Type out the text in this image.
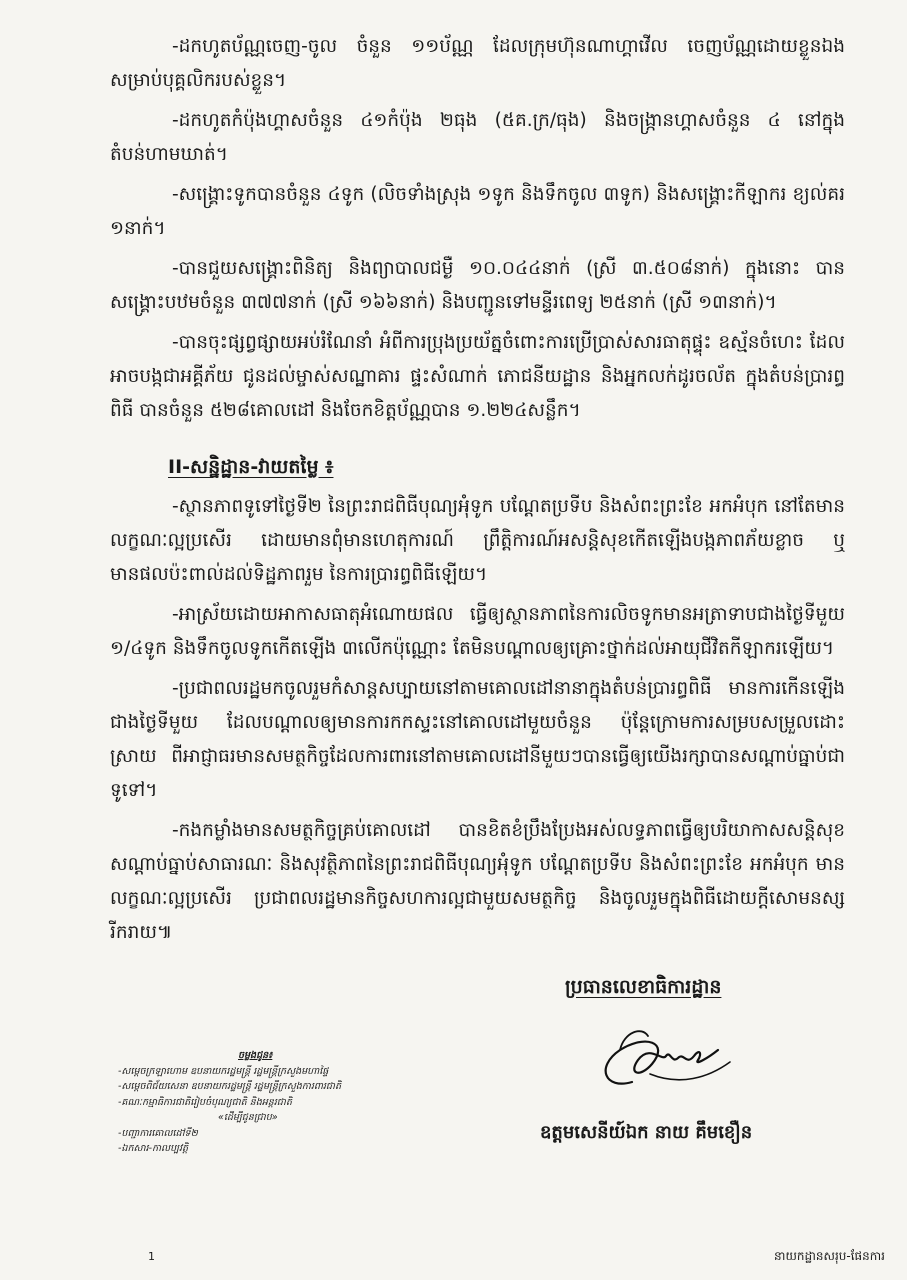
-ដកហូតប័ណ្ណចេញ-ចូល ចំនួន ១១ប័ណ្ណ ដែលក្រុមហ៊ុនណាហ្គាវើល ចេញប័ណ្ណដោយខ្លួនឯង សម្រាប់បុគ្គលិករបស់ខ្លួន។

-ដកហូតកំប៉ុងហ្គាសចំនួន ៤១កំប៉ុង ២ធុង (៥គ.ក្រ/ធុង) និងចង្ក្រានហ្គាសចំនួន ៤ នៅក្នុងតំបន់ហាមឃាត់។

-សង្គ្រោះទូកបានចំនួន ៤ទូក (លិចទាំងស្រុង ១ទូក និងទឹកចូល ៣ទូក) និងសង្គ្រោះកីឡាករ ខ្យល់គរ ១នាក់។

-បានជួយសង្គ្រោះពិនិត្យ និងព្យាបាលជម្ងឺ ១០.០៤៤នាក់ (ស្រី ៣.៥០៨នាក់) ក្នុងនោះ បានសង្គ្រោះបឋមចំនួន ៣៧៧នាក់ (ស្រី ១៦៦នាក់) និងបញ្ជូនទៅមន្ទីរពេទ្យ ២៥នាក់ (ស្រី ១៣នាក់)។

-បានចុះផ្សព្វផ្សាយអប់រំណែនាំ អំពីការប្រុងប្រយ័ត្នចំពោះការប្រើប្រាស់សារធាតុផ្ទុះ ឧស្ម័នចំហេះ ដែលអាចបង្កជាអគ្គីភ័យ ជូនដល់ម្ចាស់សណ្ឋាគារ ផ្ទះសំណាក់ ភោជនីយដ្ឋាន និងអ្នកលក់ដូរចល័ត ក្នុងតំបន់ប្រារព្ធពិធី បានចំនួន ៥២៨គោលដៅ និងចែកខិត្តប័ណ្ណបាន ១.២២៤សន្លឹក។

II-សន្និដ្ឋាន-វាយតម្លៃ ៖

-ស្ថានភាពទូទៅថ្ងៃទី២ នៃព្រះរាជពិធីបុណ្យអុំទូក បណ្តែតប្រទីប និងសំពះព្រះខែ អកអំបុក នៅតែមានលក្ខណៈល្អប្រសើរ ដោយមានពុំមានហេតុការណ៍ ព្រឹត្តិការណ៍អសន្តិសុខកើតឡើងបង្កភាពភ័យខ្លាច ឬមានផលប៉ះពាល់ដល់ទិដ្ឋភាពរួម នៃការប្រារព្ធពិធីឡើយ។

-អាស្រ័យដោយអាកាសធាតុអំណោយផល ធ្វើឲ្យស្ថានភាពនៃការលិចទូកមានអត្រាទាបជាងថ្ងៃទីមួយ ១/៤ទូក និងទឹកចូលទូកកើតឡើង ៣លើកប៉ុណ្ណោះ តែមិនបណ្តាលឲ្យគ្រោះថ្នាក់ដល់អាយុជីវិតកីឡាករឡើយ។

-ប្រជាពលរដ្ឋមកចូលរួមកំសាន្តសប្បាយនៅតាមគោលដៅនានាក្នុងតំបន់ប្រារព្ធពិធី មានការកើនឡើងជាងថ្ងៃទីមួយ ដែលបណ្តាលឲ្យមានការកកស្ទះនៅគោលដៅមួយចំនួន ប៉ុន្តែក្រោមការសម្របសម្រួលដោះស្រាយ ពីអាជ្ញាធរមានសមត្ថកិច្ចដែលការពារនៅតាមគោលដៅនីមួយៗបានធ្វើឲ្យយើងរក្សាបានសណ្តាប់ធ្នាប់ជាទូទៅ។

-កងកម្លាំងមានសមត្ថកិច្ចគ្រប់គោលដៅ បានខិតខំប្រឹងប្រែងអស់លទ្ធភាពធ្វើឲ្យបរិយាកាសសន្តិសុខ សណ្តាប់ធ្នាប់សាធារណៈ និងសុវត្ថិភាពនៃព្រះរាជពិធីបុណ្យអុំទូក បណ្តែតប្រទីប និងសំពះព្រះខែ អកអំបុក មានលក្ខណៈល្អប្រសើរ ប្រជាពលរដ្ឋមានកិច្ចសហការល្អជាមួយសមត្ថកិច្ច និងចូលរួមក្នុងពិធីដោយក្តីសោមនស្សរីករាយ៕

ប្រធានលេខាធិការដ្ឋាន
ឧត្តមសេនីយ៍ឯក នាយ គឹមខឿន
ចម្លងជូន៖
-សម្តេចក្រឡាហោម ឧបនាយករដ្ឋមន្ត្រី រដ្ឋមន្ត្រីក្រសួងមហាផ្ទៃ
-សម្តេចពិជ័យសេនា ឧបនាយករដ្ឋមន្ត្រី រដ្ឋមន្ត្រីក្រសួងការពារជាតិ
-គណៈកម្មាធិការជាតិរៀបចំបុណ្យជាតិ និងអន្តរជាតិ
«ដើម្បីជូនជ្រាប»
-បញ្ជាការគោលដៅទី២
-ឯកសារ-កាលប្បវត្តិ
1	នាយកដ្ឋានសរុប-ផែនការ
